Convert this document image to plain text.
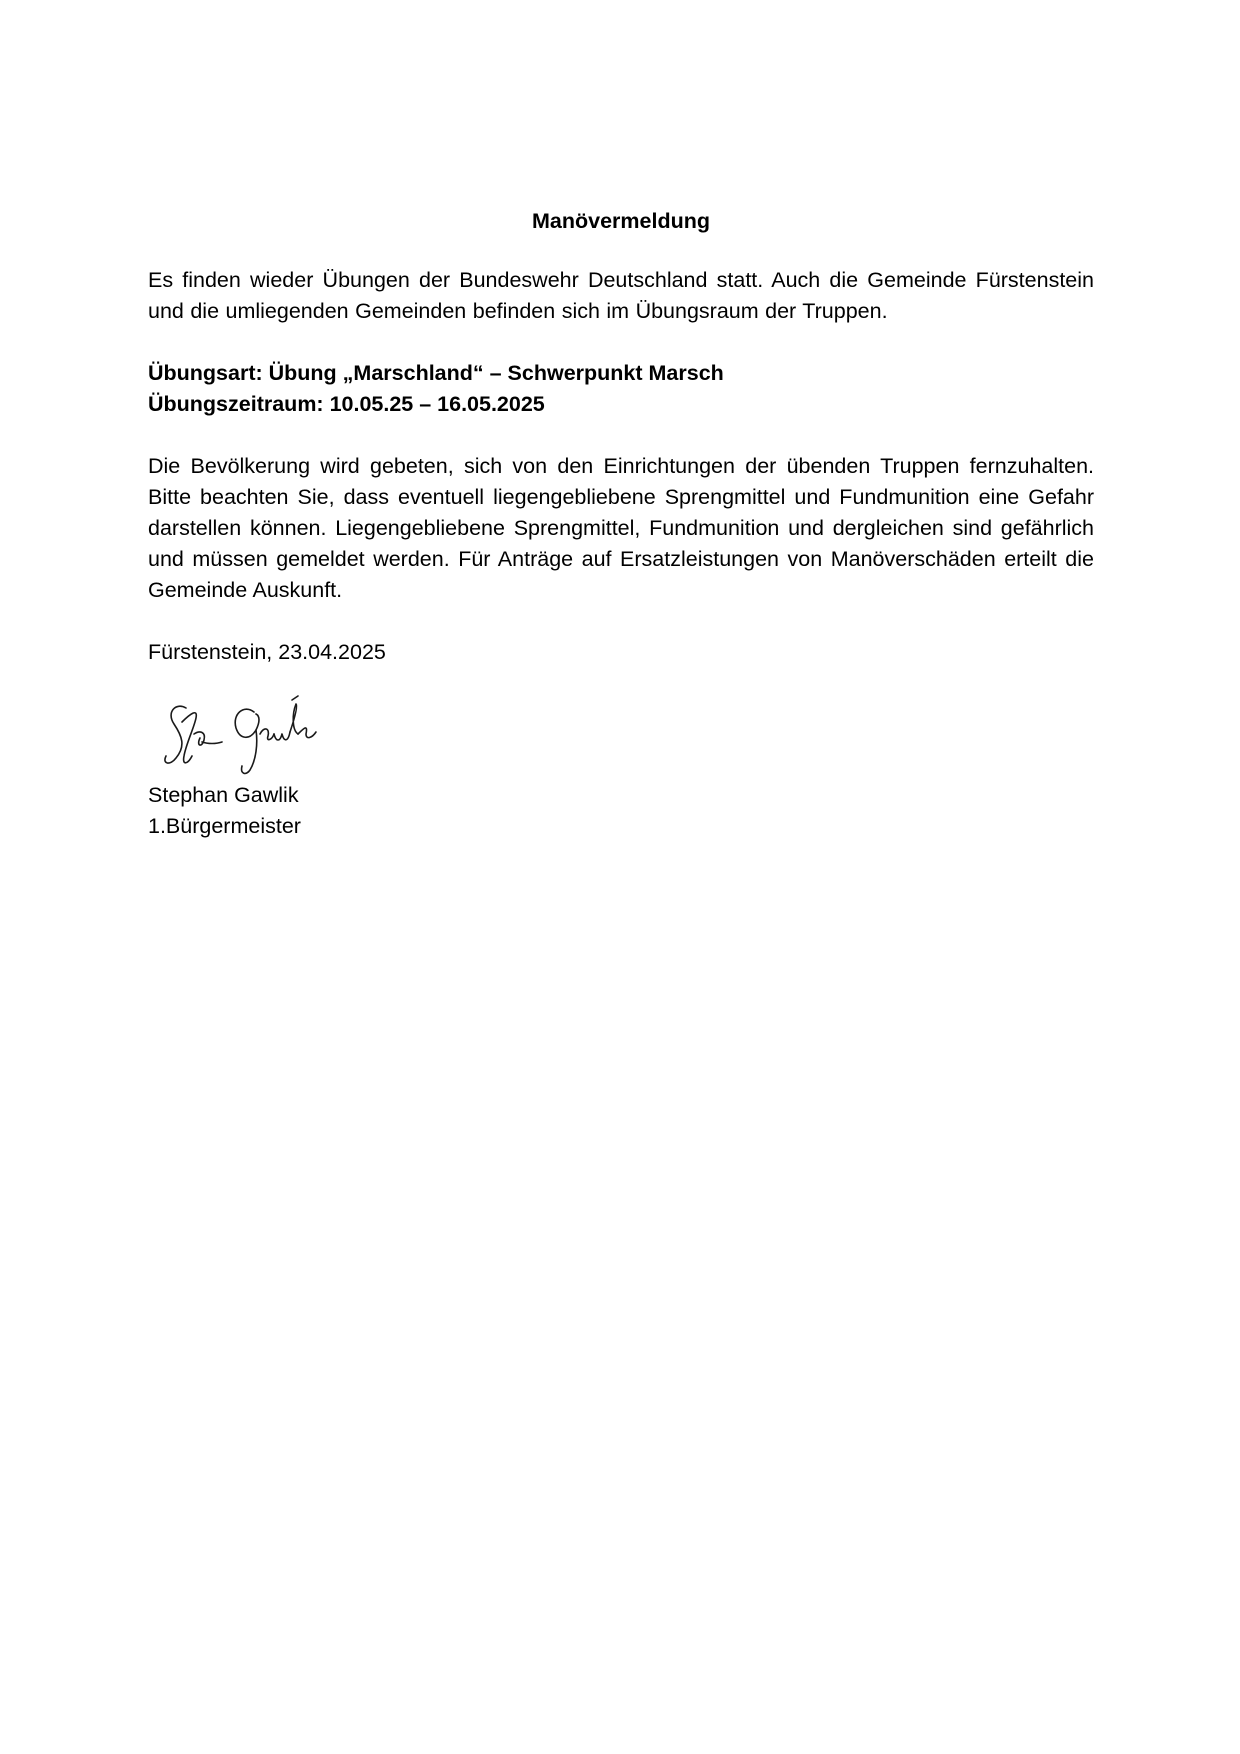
Manövermeldung

Es finden wieder Übungen der Bundeswehr Deutschland statt. Auch die Gemeinde Fürstenstein und die umliegenden Gemeinden befinden sich im Übungsraum der Truppen.

Übungsart: Übung „Marschland“ – Schwerpunkt Marsch

Übungszeitraum: 10.05.25 – 16.05.2025

Die Bevölkerung wird gebeten, sich von den Einrichtungen der übenden Truppen fernzuhalten. Bitte beachten Sie, dass eventuell liegengebliebene Sprengmittel und Fundmunition eine Gefahr darstellen können. Liegengebliebene Sprengmittel, Fundmunition und dergleichen sind gefährlich und müssen gemeldet werden. Für Anträge auf Ersatzleistungen von Manöverschäden erteilt die Gemeinde Auskunft.

Fürstenstein, 23.04.2025

Stephan Gawlik

1.Bürgermeister
